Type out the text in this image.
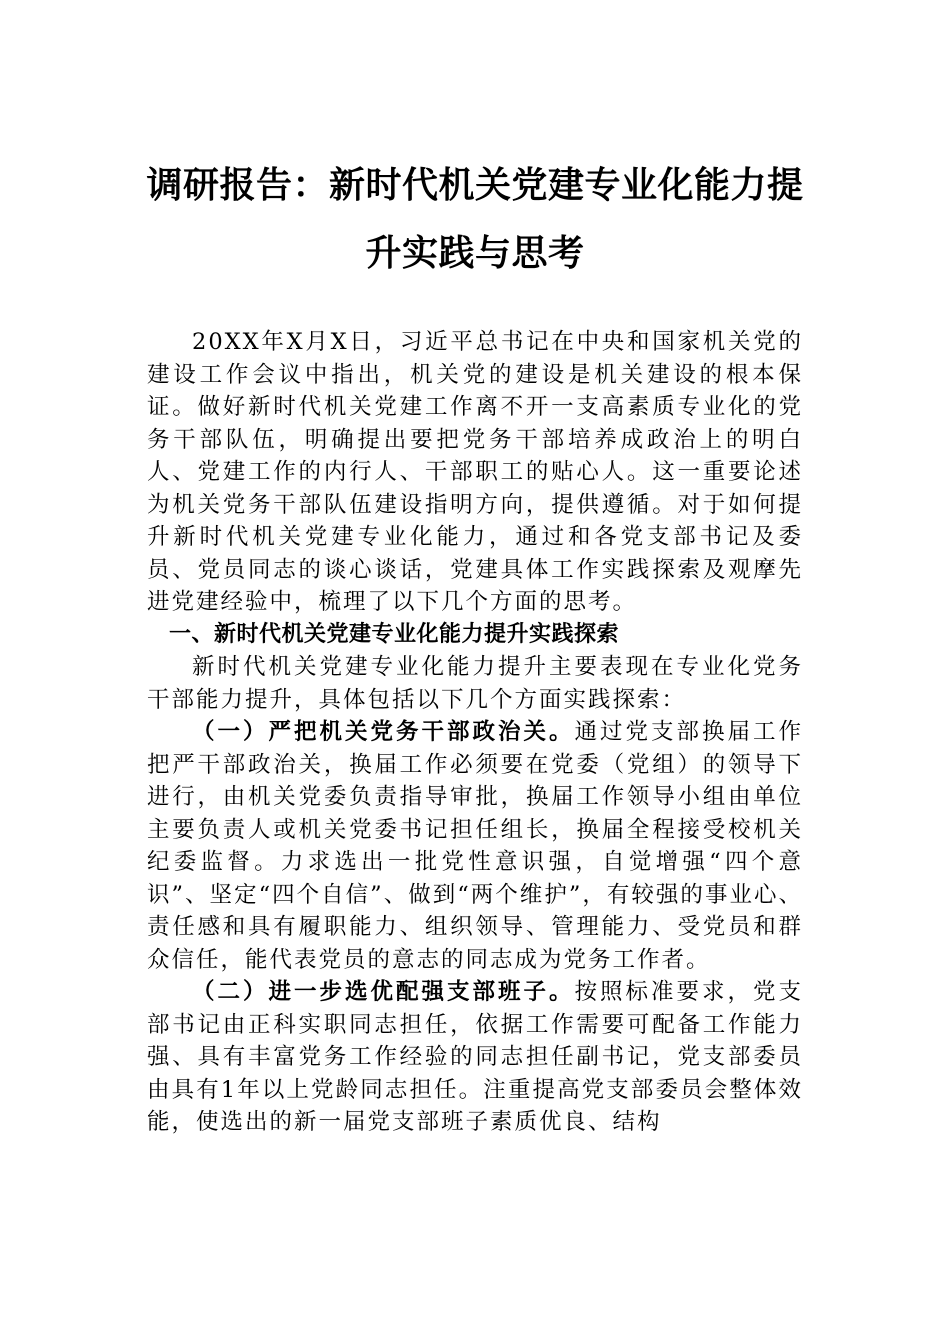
调研报告：新时代机关党建专业化能力提
升实践与思考

20XX年X月X日，习近平总书记在中央和国家机关党的建设工作会议中指出，机关党的建设是机关建设的根本保证。做好新时代机关党建工作离不开一支高素质专业化的党务干部队伍，明确提出要把党务干部培养成政治上的明白人、党建工作的内行人、干部职工的贴心人。这一重要论述为机关党务干部队伍建设指明方向，提供遵循。对于如何提升新时代机关党建专业化能力，通过和各党支部书记及委员、党员同志的谈心谈话，党建具体工作实践探索及观摩先进党建经验中，梳理了以下几个方面的思考。

一、新时代机关党建专业化能力提升实践探索

新时代机关党建专业化能力提升主要表现在专业化党务干部能力提升，具体包括以下几个方面实践探索：

（一）严把机关党务干部政治关。通过党支部换届工作把严干部政治关，换届工作必须要在党委（党组）的领导下进行，由机关党委负责指导审批，换届工作领导小组由单位主要负责人或机关党委书记担任组长，换届全程接受校机关纪委监督。力求选出一批党性意识强，自觉增强“四个意识”、坚定“四个自信”、做到“两个维护”，有较强的事业心、责任感和具有履职能力、组织领导、管理能力、受党员和群众信任，能代表党员的意志的同志成为党务工作者。

（二）进一步选优配强支部班子。按照标准要求，党支部书记由正科实职同志担任，依据工作需要可配备工作能力强、具有丰富党务工作经验的同志担任副书记，党支部委员由具有1年以上党龄同志担任。注重提高党支部委员会整体效能，使选出的新一届党支部班子素质优良、结构
